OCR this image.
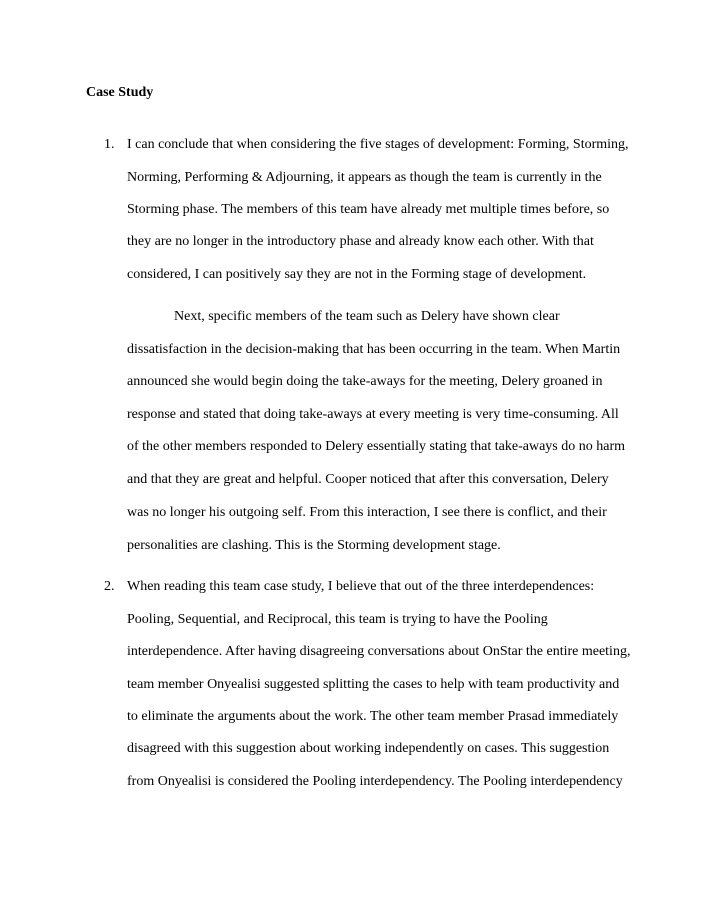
Case Study
1. I can conclude that when considering the five stages of development: Forming, Storming,
Norming, Performing & Adjourning, it appears as though the team is currently in the
Storming phase. The members of this team have already met multiple times before, so
they are no longer in the introductory phase and already know each other. With that
considered, I can positively say they are not in the Forming stage of development.
Next, specific members of the team such as Delery have shown clear
dissatisfaction in the decision-making that has been occurring in the team. When Martin
announced she would begin doing the take-aways for the meeting, Delery groaned in
response and stated that doing take-aways at every meeting is very time-consuming. All
of the other members responded to Delery essentially stating that take-aways do no harm
and that they are great and helpful. Cooper noticed that after this conversation, Delery
was no longer his outgoing self. From this interaction, I see there is conflict, and their
personalities are clashing. This is the Storming development stage.
2. When reading this team case study, I believe that out of the three interdependences:
Pooling, Sequential, and Reciprocal, this team is trying to have the Pooling
interdependence. After having disagreeing conversations about OnStar the entire meeting,
team member Onyealisi suggested splitting the cases to help with team productivity and
to eliminate the arguments about the work. The other team member Prasad immediately
disagreed with this suggestion about working independently on cases. This suggestion
from Onyealisi is considered the Pooling interdependency. The Pooling interdependency
